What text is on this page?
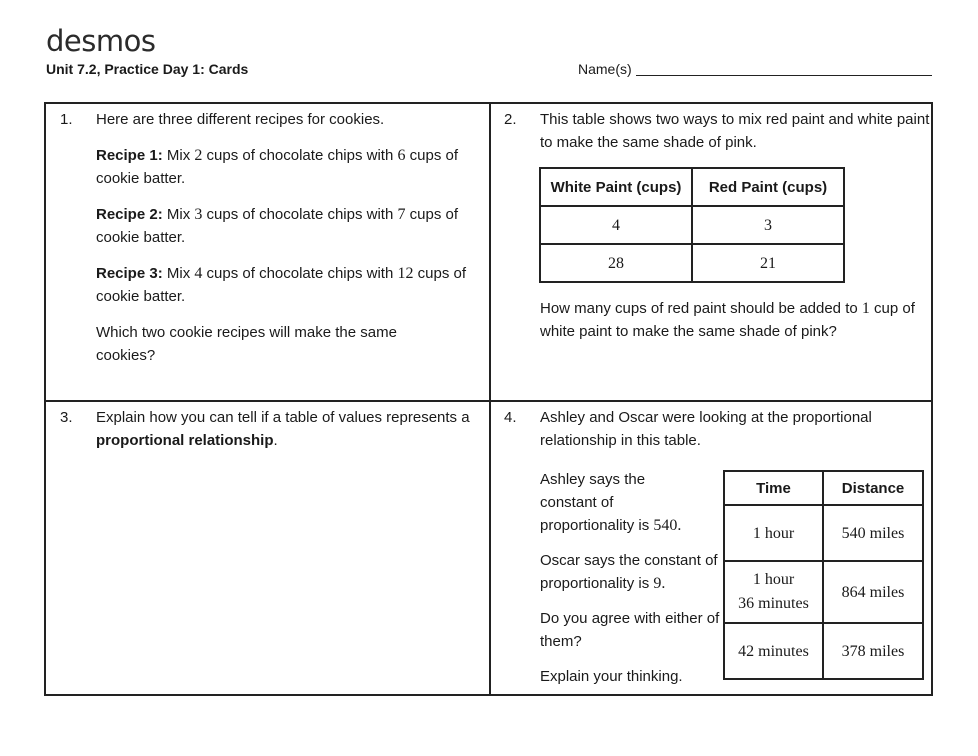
desmos
Unit 7.2, Practice Day 1: Cards	Name(s)
1. Here are three different recipes for cookies.

Recipe 1: Mix 2 cups of chocolate chips with 6 cups of cookie batter.

Recipe 2: Mix 3 cups of chocolate chips with 7 cups of cookie batter.

Recipe 3: Mix 4 cups of chocolate chips with 12 cups of cookie batter.

Which two cookie recipes will make the same cookies?

2. This table shows two ways to mix red paint and white paint to make the same shade of pink.

White Paint (cups)	Red Paint (cups)
4	3
28	21
How many cups of red paint should be added to 1 cup of white paint to make the same shade of pink?
3. Explain how you can tell if a table of values represents a proportional relationship.
4. Ashley and Oscar were looking at the proportional relationship in this table.

Ashley says the constant of proportionality is 540.

Oscar says the constant of proportionality is 9.

Do you agree with either of them?

Explain your thinking.

Time	Distance

1 hour	540 miles

1 hour
36 minutes	864 miles

42 minutes	378 miles
